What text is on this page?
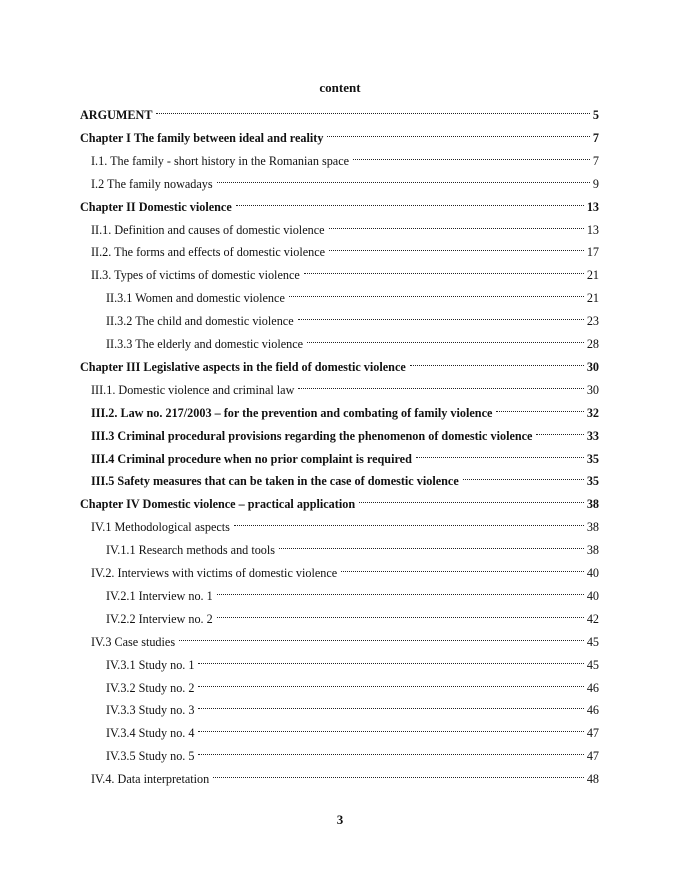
content
ARGUMENT	5
Chapter I The family between ideal and reality	7
I.1. The family - short history in the Romanian space	7
I.2 The family nowadays	9
Chapter II Domestic violence	13
II.1. Definition and causes of domestic violence	13
II.2. The forms and effects of domestic violence	17
II.3. Types of victims of domestic violence	21
II.3.1 Women and domestic violence	21
II.3.2 The child and domestic violence	23
II.3.3 The elderly and domestic violence	28
Chapter III Legislative aspects in the field of domestic violence	30
III.1. Domestic violence and criminal law	30
III.2. Law no. 217/2003 – for the prevention and combating of family violence	32
III.3 Criminal procedural provisions regarding the phenomenon of domestic violence	33
III.4 Criminal procedure when no prior complaint is required	35
III.5 Safety measures that can be taken in the case of domestic violence	35
Chapter IV Domestic violence – practical application	38
IV.1 Methodological aspects	38
IV.1.1 Research methods and tools	38
IV.2. Interviews with victims of domestic violence	40
IV.2.1 Interview no. 1	40
IV.2.2 Interview no. 2	42
IV.3 Case studies	45
IV.3.1 Study no. 1	45
IV.3.2 Study no. 2	46
IV.3.3 Study no. 3	46
IV.3.4 Study no. 4	47
IV.3.5 Study no. 5	47
IV.4. Data interpretation	48
3
